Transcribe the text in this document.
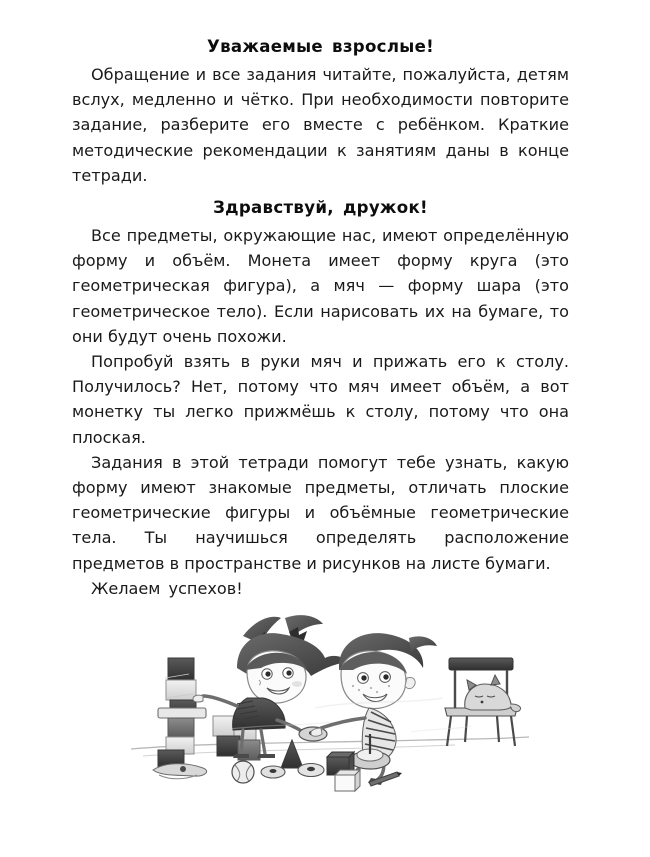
Уважаемые взрослые!

Обращение и все задания читайте, пожалуйста, детям вслух, медленно и чётко. При необходимости повторите задание, разберите его вместе с ребёнком. Краткие методические рекомендации к занятиям даны в конце тетради.

Здравствуй, дружок!

Все предметы, окружающие нас, имеют определённую форму и объём. Монета имеет форму круга (это геометрическая фигура), а мяч — форму шара (это геометрическое тело). Если нарисовать их на бумаге, то они будут очень похожи.

Попробуй взять в руки мяч и прижать его к столу. Получилось? Нет, потому что мяч имеет объём, а вот монетку ты легко прижмёшь к столу, потому что она плоская.

Задания в этой тетради помогут тебе узнать, какую форму имеют знакомые предметы, отличать плоские геометрические фигуры и объёмные геометрические тела. Ты научишься определять расположение предметов в пространстве и рисунков на листе бумаги.

Желаем успехов!
